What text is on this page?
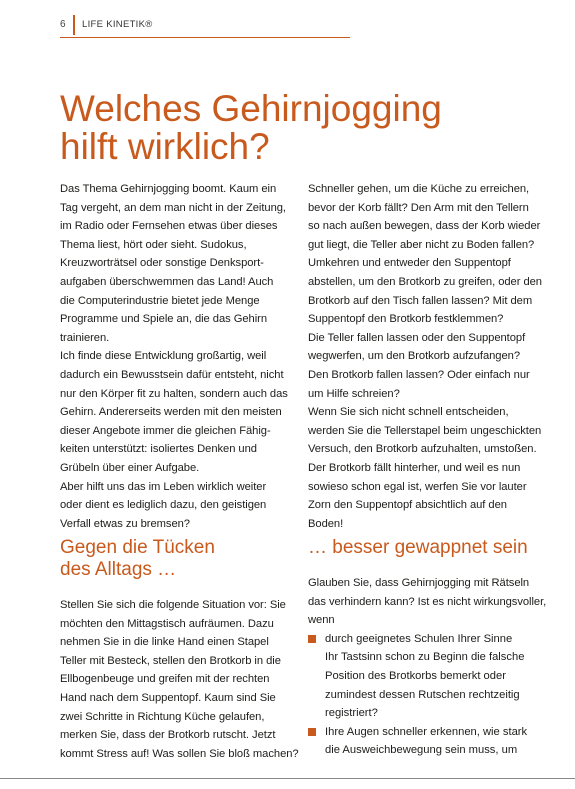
6 LIFE KINETIK®
Welches Gehirnjogging
hilft wirklich?

Das Thema Gehirnjogging boomt. Kaum ein
Tag vergeht, an dem man nicht in der Zeitung,
im Radio oder Fernsehen etwas über dieses
Thema liest, hört oder sieht. Sudokus,
Kreuzworträtsel oder sonstige Denksport-
aufgaben überschwemmen das Land! Auch
die Computerindustrie bietet jede Menge
Programme und Spiele an, die das Gehirn
trainieren.

Ich finde diese Entwicklung großartig, weil
dadurch ein Bewusstsein dafür entsteht, nicht
nur den Körper fit zu halten, sondern auch das
Gehirn. Andererseits werden mit den meisten
dieser Angebote immer die gleichen Fähig-
keiten unterstützt: isoliertes Denken und
Grübeln über einer Aufgabe.

Aber hilft uns das im Leben wirklich weiter
oder dient es lediglich dazu, den geistigen
Verfall etwas zu bremsen?

Schneller gehen, um die Küche zu erreichen,
bevor der Korb fällt? Den Arm mit den Tellern
so nach außen bewegen, dass der Korb wieder
gut liegt, die Teller aber nicht zu Boden fallen?
Umkehren und entweder den Suppentopf
abstellen, um den Brotkorb zu greifen, oder den
Brotkorb auf den Tisch fallen lassen? Mit dem
Suppentopf den Brotkorb festklemmen?

Die Teller fallen lassen oder den Suppentopf
wegwerfen, um den Brotkorb aufzufangen?
Den Brotkorb fallen lassen? Oder einfach nur
um Hilfe schreien?

Wenn Sie sich nicht schnell entscheiden,
werden Sie die Tellerstapel beim ungeschickten
Versuch, den Brotkorb aufzuhalten, umstoßen.
Der Brotkorb fällt hinterher, und weil es nun
sowieso schon egal ist, werfen Sie vor lauter
Zorn den Suppentopf absichtlich auf den
Boden!

Gegen die Tücken
des Alltags …

Stellen Sie sich die folgende Situation vor: Sie
möchten den Mittagstisch aufräumen. Dazu
nehmen Sie in die linke Hand einen Stapel
Teller mit Besteck, stellen den Brotkorb in die
Ellbogenbeuge und greifen mit der rechten
Hand nach dem Suppentopf. Kaum sind Sie
zwei Schritte in Richtung Küche gelaufen,
merken Sie, dass der Brotkorb rutscht. Jetzt
kommt Stress auf! Was sollen Sie bloß machen?

… besser gewappnet sein

Glauben Sie, dass Gehirnjogging mit Rätseln
das verhindern kann? Ist es nicht wirkungsvoller,
wenn

durch geeignetes Schulen Ihrer Sinne
Ihr Tastsinn schon zu Beginn die falsche
Position des Brotkorbs bemerkt oder
zumindest dessen Rutschen rechtzeitig
registriert?
Ihre Augen schneller erkennen, wie stark
die Ausweichbewegung sein muss, um
